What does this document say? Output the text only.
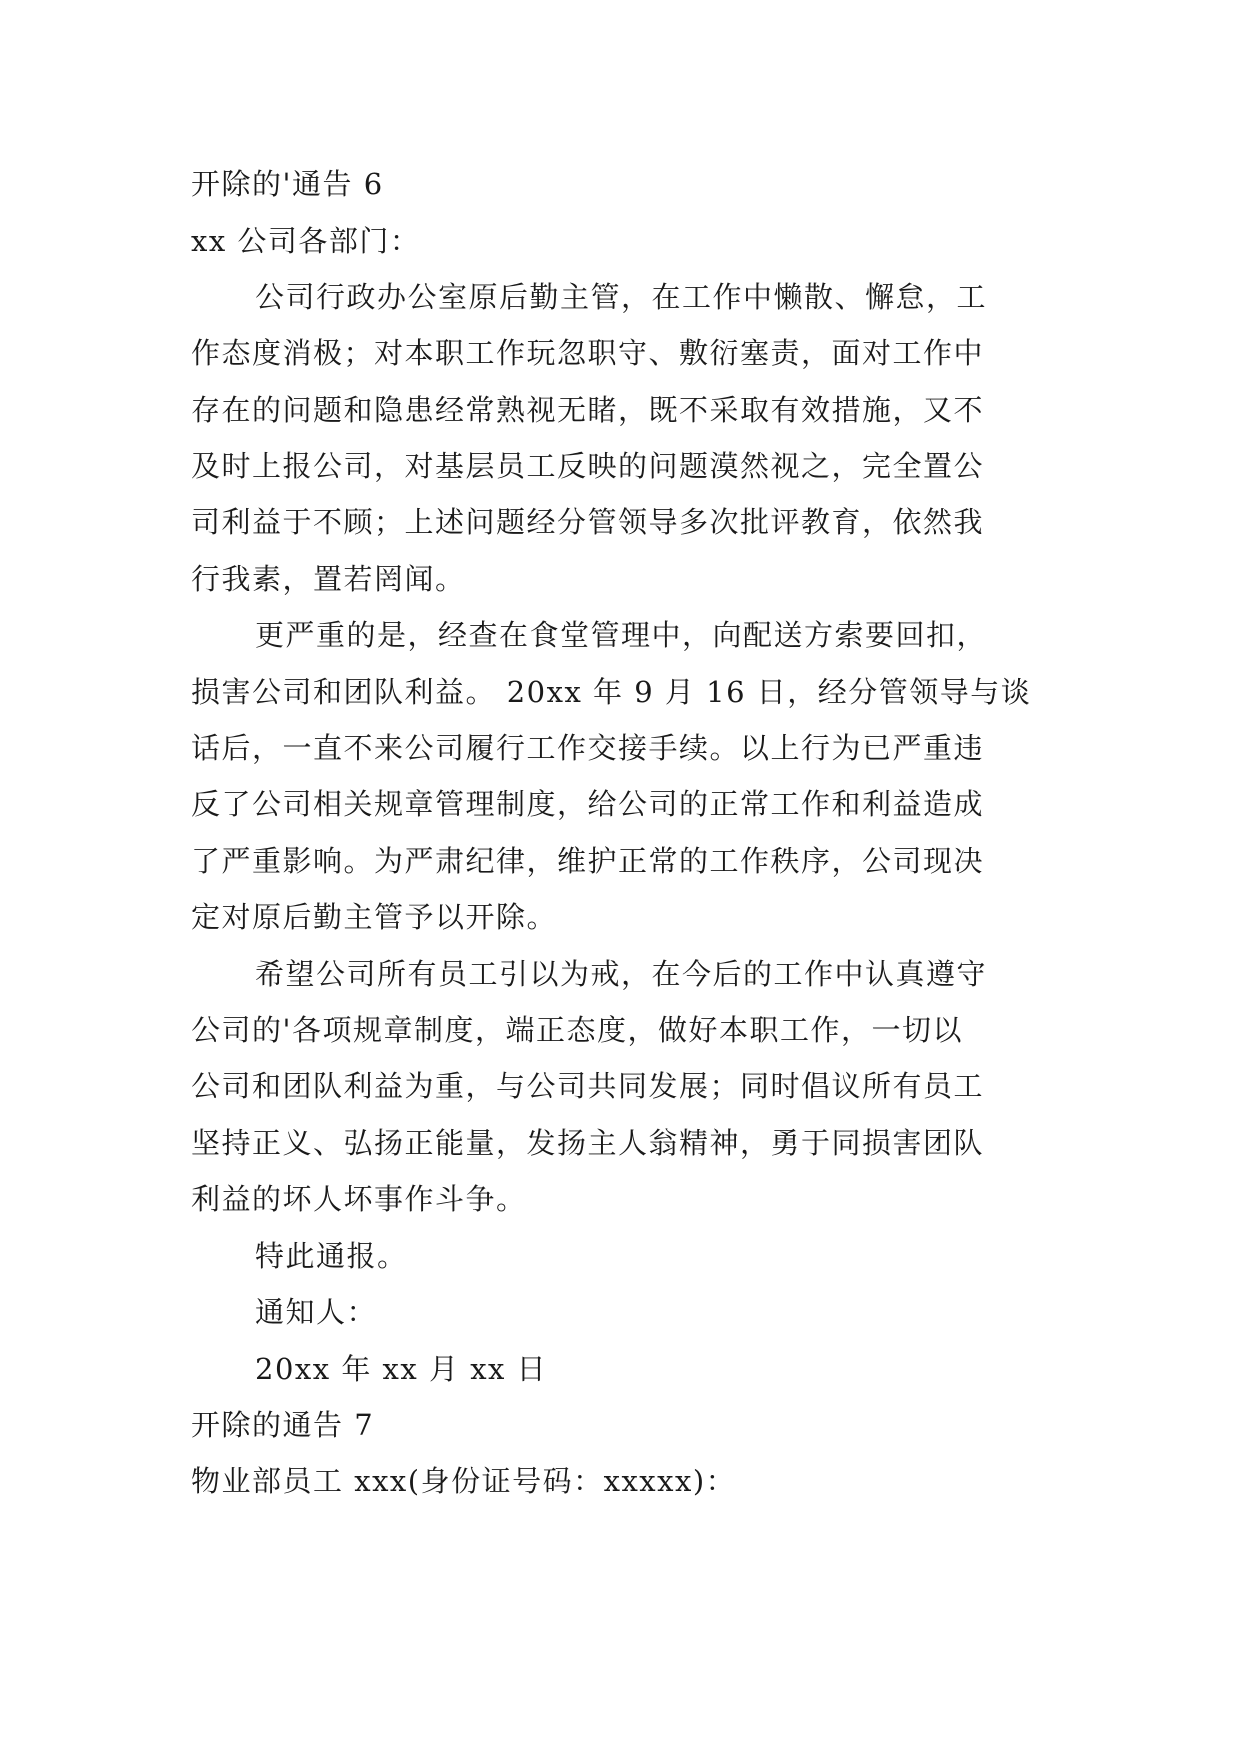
开除的'通告 6
xx 公司各部门：
公司行政办公室原后勤主管，在工作中懒散、懈怠，工
作态度消极；对本职工作玩忽职守、敷衍塞责，面对工作中
存在的问题和隐患经常熟视无睹，既不采取有效措施，又不
及时上报公司，对基层员工反映的问题漠然视之，完全置公
司利益于不顾；上述问题经分管领导多次批评教育，依然我
行我素，置若罔闻。
更严重的是，经查在食堂管理中，向配送方索要回扣，
损害公司和团队利益。 20xx 年 9 月 16 日，经分管领导与谈
话后，一直不来公司履行工作交接手续。以上行为已严重违
反了公司相关规章管理制度，给公司的正常工作和利益造成
了严重影响。为严肃纪律，维护正常的工作秩序，公司现决
定对原后勤主管予以开除。
希望公司所有员工引以为戒，在今后的工作中认真遵守
公司的'各项规章制度，端正态度，做好本职工作，一切以
公司和团队利益为重，与公司共同发展；同时倡议所有员工
坚持正义、弘扬正能量，发扬主人翁精神，勇于同损害团队
利益的坏人坏事作斗争。
特此通报。
通知人：
20xx 年 xx 月 xx 日
开除的通告 7
物业部员工 xxx(身份证号码：xxxxx)：
